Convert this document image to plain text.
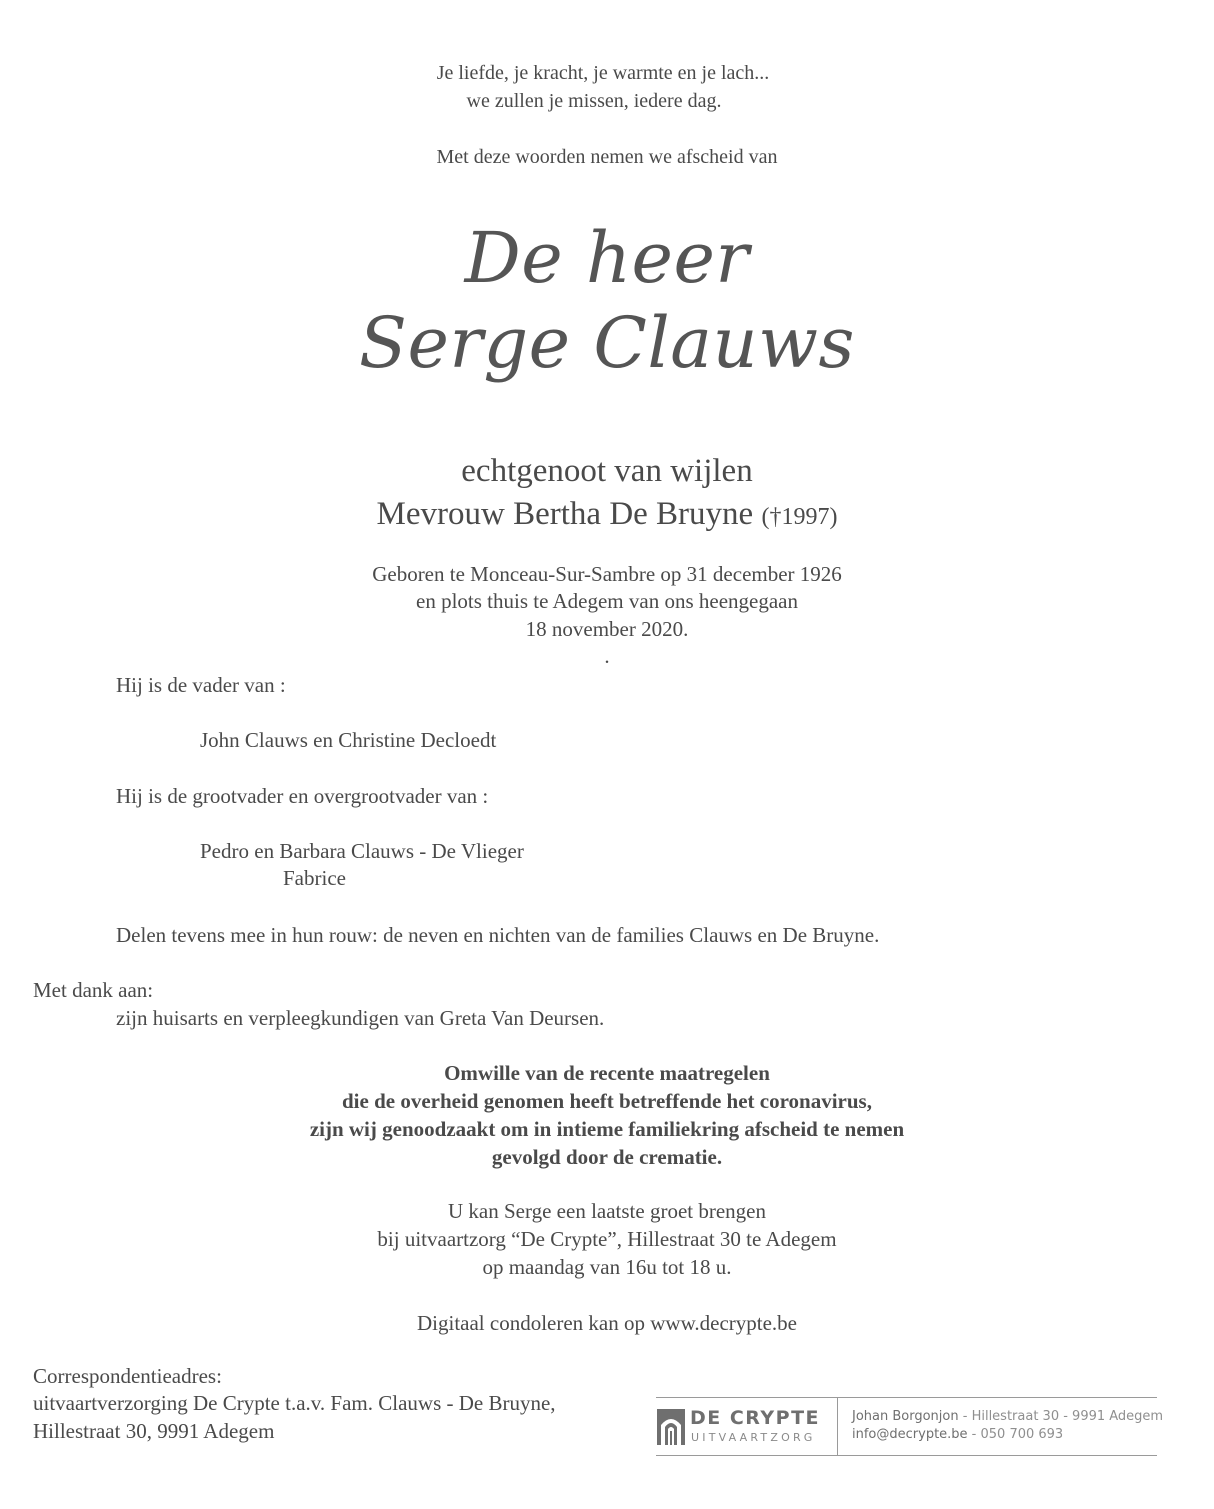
Je liefde, je kracht, je warmte en je lach...
we zullen je missen, iedere dag.
Met deze woorden nemen we afscheid van
De heer
Serge Clauws
echtgenoot van wijlen
Mevrouw Bertha De Bruyne (†1997)
Geboren te Monceau-Sur-Sambre op 31 december 1926
en plots thuis te Adegem van ons heengegaan
18 november 2020.
.
Hij is de vader van :
John Clauws en Christine Decloedt
Hij is de grootvader en overgrootvader van :
Pedro en Barbara Clauws - De Vlieger
Fabrice
Delen tevens mee in hun rouw: de neven en nichten van de families Clauws en De Bruyne.
Met dank aan:
zijn huisarts en verpleegkundigen van Greta Van Deursen.
Omwille van de recente maatregelen
die de overheid genomen heeft betreffende het coronavirus,
zijn wij genoodzaakt om in intieme familiekring afscheid te nemen
gevolgd door de crematie.
U kan Serge een laatste groet brengen
bij uitvaartzorg “De Crypte”, Hillestraat 30 te Adegem
op maandag van 16u tot 18 u.
Digitaal condoleren kan op www.decrypte.be
Correspondentieadres:
uitvaartverzorging De Crypte t.a.v. Fam. Clauws - De Bruyne,
Hillestraat 30, 9991 Adegem
DE CRYPTE
UITVAARTZORG
Johan Borgonjon - Hillestraat 30 - 9991 Adegem
info@decrypte.be - 050 700 693
